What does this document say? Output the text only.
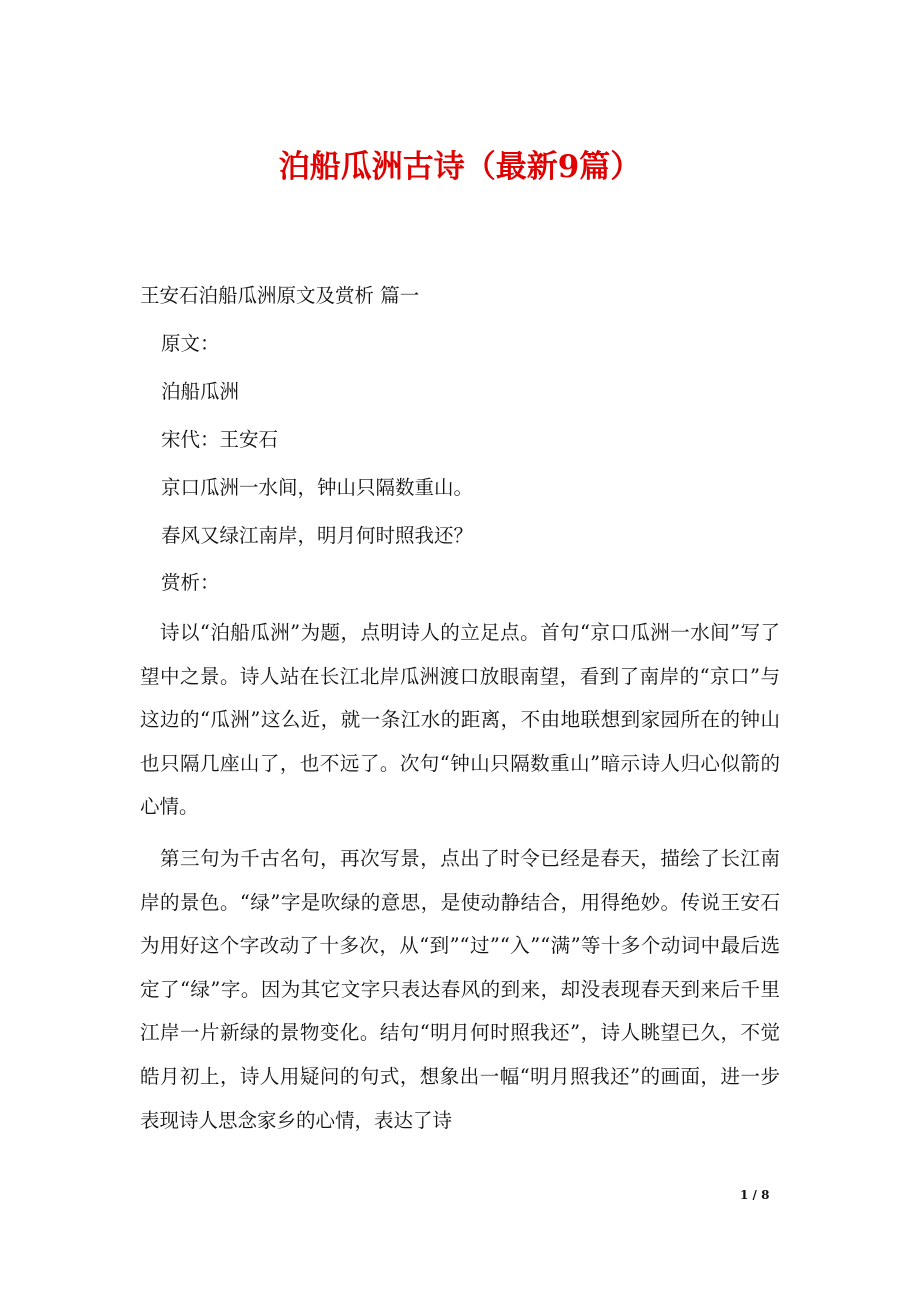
泊船瓜洲古诗（最新9篇）
王安石泊船瓜洲原文及赏析 篇一
原文：
泊船瓜洲
宋代：王安石
京口瓜洲一水间，钟山只隔数重山。
春风又绿江南岸，明月何时照我还？
赏析：
诗以“泊船瓜洲”为题，点明诗人的立足点。首句“京口瓜洲一水间”写了望中之景。诗人站在长江北岸瓜洲渡口放眼南望，看到了南岸的“京口”与这边的“瓜洲”这么近，就一条江水的距离，不由地联想到家园所在的钟山也只隔几座山了，也不远了。次句“钟山只隔数重山”暗示诗人归心似箭的心情。
第三句为千古名句，再次写景，点出了时令已经是春天，描绘了长江南岸的景色。“绿”字是吹绿的意思，是使动静结合，用得绝妙。传说王安石为用好这个字改动了十多次，从“到”“过”“入”“满”等十多个动词中最后选定了“绿”字。因为其它文字只表达春风的到来，却没表现春天到来后千里江岸一片新绿的景物变化。结句“明月何时照我还”，诗人眺望已久，不觉皓月初上，诗人用疑问的句式，想象出一幅“明月照我还”的画面，进一步表现诗人思念家乡的心情，表达了诗
1 / 8
